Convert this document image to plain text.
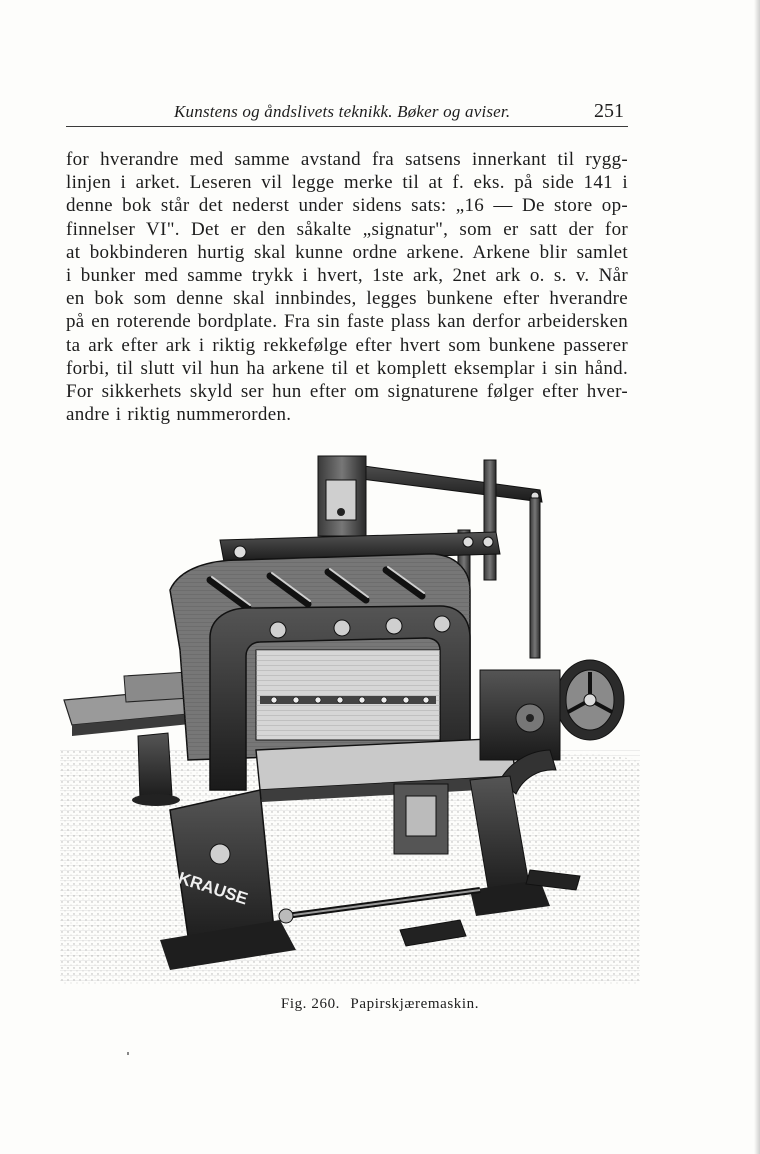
Kunstens og åndslivets teknikk. Bøker og aviser.	251
for hverandre med samme avstand fra satsens innerkant til rygg-
linjen i arket. Leseren vil legge merke til at f. eks. på side 141 i
denne bok står det nederst under sidens sats: „16 — De store op-
finnelser VI". Det er den såkalte „signatur", som er satt der for
at bokbinderen hurtig skal kunne ordne arkene. Arkene blir samlet
i bunker med samme trykk i hvert, 1ste ark, 2net ark o. s. v. Når
en bok som denne skal innbindes, legges bunkene efter hverandre
på en roterende bordplate. Fra sin faste plass kan derfor arbeidersken
ta ark efter ark i riktig rekkefølge efter hvert som bunkene passerer
forbi, til slutt vil hun ha arkene til et komplett eksemplar i sin hånd.
For sikkerhets skyld ser hun efter om signaturene følger efter hver-
andre i riktig nummerorden.
KRAUSE
Fig. 260. Papirskjæremaskin.
